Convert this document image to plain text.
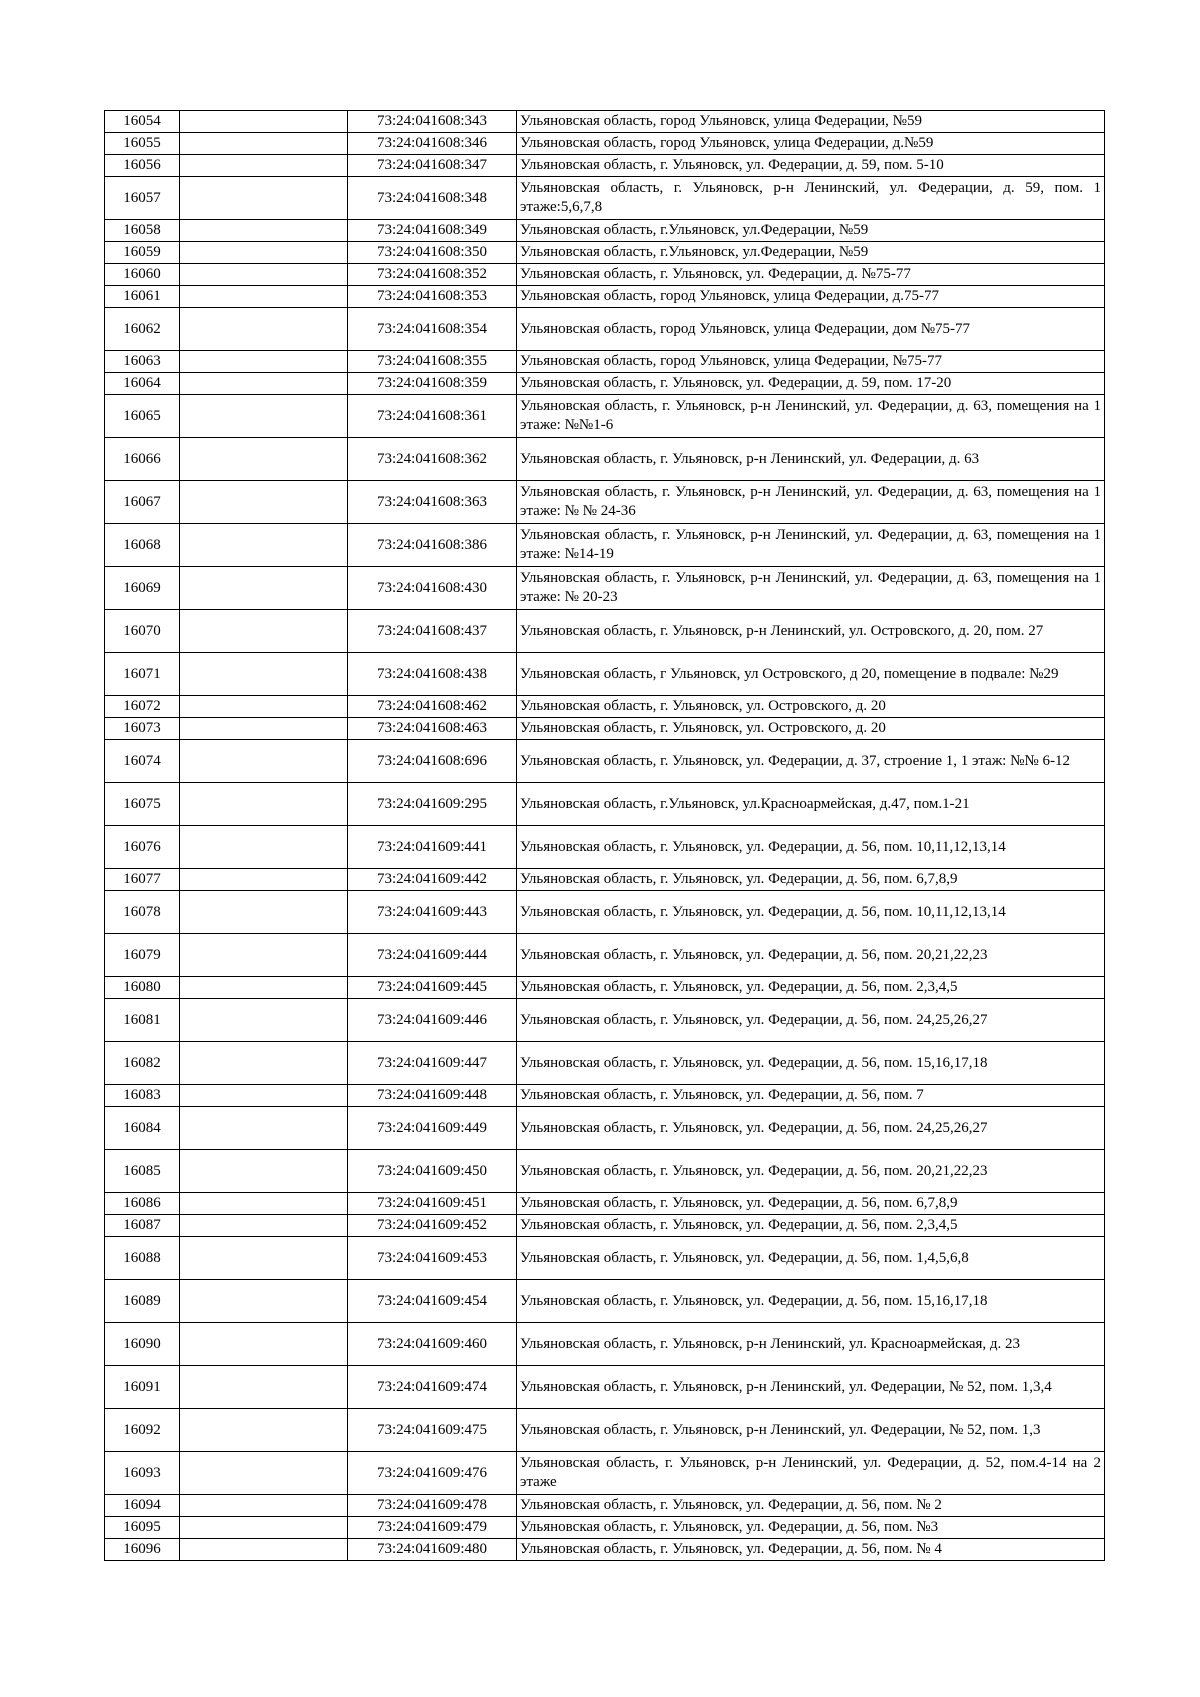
16054		73:24:041608:343	Ульяновская область, город Ульяновск, улица Федерации, №59
16055		73:24:041608:346	Ульяновская область, город Ульяновск, улица Федерации, д.№59
16056		73:24:041608:347	Ульяновская область, г. Ульяновск, ул. Федерации, д. 59, пом. 5-10
16057		73:24:041608:348	Ульяновская область, г. Ульяновск, р-н Ленинский, ул. Федерации, д. 59, пом. 1 этаже:5,6,7,8
16058		73:24:041608:349	Ульяновская область, г.Ульяновск, ул.Федерации, №59
16059		73:24:041608:350	Ульяновская область, г.Ульяновск, ул.Федерации, №59
16060		73:24:041608:352	Ульяновская область, г. Ульяновск, ул. Федерации, д. №75-77
16061		73:24:041608:353	Ульяновская область, город Ульяновск, улица Федерации, д.75-77
16062		73:24:041608:354	Ульяновская область, город Ульяновск, улица Федерации, дом №75-77
16063		73:24:041608:355	Ульяновская область, город Ульяновск, улица Федерации, №75-77
16064		73:24:041608:359	Ульяновская область, г. Ульяновск, ул. Федерации, д. 59, пом. 17-20
16065		73:24:041608:361	Ульяновская область, г. Ульяновск, р-н Ленинский, ул. Федерации, д. 63, помещения на 1 этаже: №№1-6
16066		73:24:041608:362	Ульяновская область, г. Ульяновск, р-н Ленинский, ул. Федерации, д. 63
16067		73:24:041608:363	Ульяновская область, г. Ульяновск, р-н Ленинский, ул. Федерации, д. 63, помещения на 1 этаже: № № 24-36
16068		73:24:041608:386	Ульяновская область, г. Ульяновск, р-н Ленинский, ул. Федерации, д. 63, помещения на 1 этаже: №14-19
16069		73:24:041608:430	Ульяновская область, г. Ульяновск, р-н Ленинский, ул. Федерации, д. 63, помещения на 1 этаже: № 20-23
16070		73:24:041608:437	Ульяновская область, г. Ульяновск, р-н Ленинский, ул. Островского, д. 20, пом. 27
16071		73:24:041608:438	Ульяновская область, г Ульяновск, ул Островского, д 20, помещение в подвале: №29
16072		73:24:041608:462	Ульяновская область, г. Ульяновск, ул. Островского, д. 20
16073		73:24:041608:463	Ульяновская область, г. Ульяновск, ул. Островского, д. 20
16074		73:24:041608:696	Ульяновская область, г. Ульяновск, ул. Федерации, д. 37, строение 1, 1 этаж: №№ 6-12
16075		73:24:041609:295	Ульяновская область, г.Ульяновск, ул.Красноармейская, д.47, пом.1-21
16076		73:24:041609:441	Ульяновская область, г. Ульяновск, ул. Федерации, д. 56, пом. 10,11,12,13,14
16077		73:24:041609:442	Ульяновская область, г. Ульяновск, ул. Федерации, д. 56, пом. 6,7,8,9
16078		73:24:041609:443	Ульяновская область, г. Ульяновск, ул. Федерации, д. 56, пом. 10,11,12,13,14
16079		73:24:041609:444	Ульяновская область, г. Ульяновск, ул. Федерации, д. 56, пом. 20,21,22,23
16080		73:24:041609:445	Ульяновская область, г. Ульяновск, ул. Федерации, д. 56, пом. 2,3,4,5
16081		73:24:041609:446	Ульяновская область, г. Ульяновск, ул. Федерации, д. 56, пом. 24,25,26,27
16082		73:24:041609:447	Ульяновская область, г. Ульяновск, ул. Федерации, д. 56, пом. 15,16,17,18
16083		73:24:041609:448	Ульяновская область, г. Ульяновск, ул. Федерации, д. 56, пом. 7
16084		73:24:041609:449	Ульяновская область, г. Ульяновск, ул. Федерации, д. 56, пом. 24,25,26,27
16085		73:24:041609:450	Ульяновская область, г. Ульяновск, ул. Федерации, д. 56, пом. 20,21,22,23
16086		73:24:041609:451	Ульяновская область, г. Ульяновск, ул. Федерации, д. 56, пом. 6,7,8,9
16087		73:24:041609:452	Ульяновская область, г. Ульяновск, ул. Федерации, д. 56, пом. 2,3,4,5
16088		73:24:041609:453	Ульяновская область, г. Ульяновск, ул. Федерации, д. 56, пом. 1,4,5,6,8
16089		73:24:041609:454	Ульяновская область, г. Ульяновск, ул. Федерации, д. 56, пом. 15,16,17,18
16090		73:24:041609:460	Ульяновская область, г. Ульяновск, р-н Ленинский, ул. Красноармейская, д. 23
16091		73:24:041609:474	Ульяновская область, г. Ульяновск, р-н Ленинский, ул. Федерации, № 52, пом. 1,3,4
16092		73:24:041609:475	Ульяновская область, г. Ульяновск, р-н Ленинский, ул. Федерации, № 52, пом. 1,3
16093		73:24:041609:476	Ульяновская область, г. Ульяновск, р-н Ленинский, ул. Федерации, д. 52, пом.4-14 на 2 этаже
16094		73:24:041609:478	Ульяновская область, г. Ульяновск, ул. Федерации, д. 56, пом. № 2
16095		73:24:041609:479	Ульяновская область, г. Ульяновск, ул. Федерации, д. 56, пом. №3
16096		73:24:041609:480	Ульяновская область, г. Ульяновск, ул. Федерации, д. 56, пом. № 4
